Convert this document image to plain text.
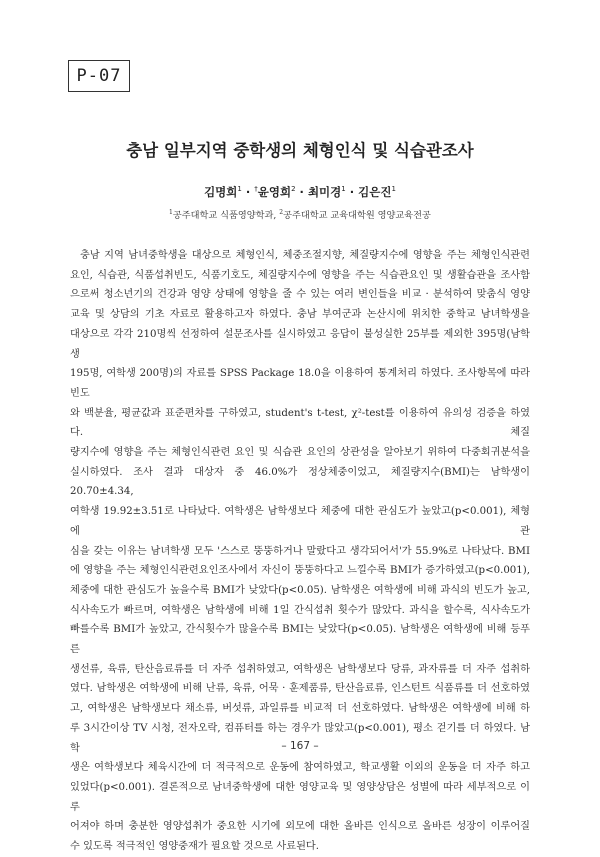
P-07
충남 일부지역 중학생의 체형인식 및 식습관조사
김명희$^1$ · †윤영희$^2$ · 최미경$^1$ · 김은진$^1$
$^1$공주대학교 식품영양학과, $^2$공주대학교 교육대학원 영양교육전공
충남 지역 남녀중학생을 대상으로 체형인식, 체중조절지향, 체질량지수에 영향을 주는 체형인식관련
요인, 식습관, 식품섭취빈도, 식품기호도, 체질량지수에 영향을 주는 식습관요인 및 생활습관을 조사함
으로써 청소년기의 건강과 영양 상태에 영향을 줄 수 있는 여러 변인들을 비교 · 분석하여 맞춤식 영양
교육 및 상담의 기초 자료로 활용하고자 하였다. 충남 부여군과 논산시에 위치한 중학교 남녀학생을
대상으로 각각 210명씩 선정하여 설문조사를 실시하였고 응답이 불성실한 25부를 제외한 395명(남학생
195명, 여학생 200명)의 자료를 SPSS Package 18.0을 이용하여 통계처리 하였다. 조사항목에 따라 빈도
와 백분율, 평균값과 표준편차를 구하였고, student's t-test, χ²-test를 이용하여 유의성 검증을 하였다. 체질
량지수에 영향을 주는 체형인식관련 요인 및 식습관 요인의 상관성을 알아보기 위하여 다중회귀분석을
실시하였다. 조사 결과 대상자 중 46.0%가 정상체중이었고, 체질량지수(BMI)는 남학생이 20.70±4.34,
여학생 19.92±3.51로 나타났다. 여학생은 남학생보다 체중에 대한 관심도가 높았고(p<0.001), 체형에 관
심을 갖는 이유는 남녀학생 모두 '스스로 뚱뚱하거나 말랐다고 생각되어서'가 55.9%로 나타났다. BMI
에 영향을 주는 체형인식관련요인조사에서 자신이 뚱뚱하다고 느낄수록 BMI가 증가하였고(p<0.001),
체중에 대한 관심도가 높을수록 BMI가 낮았다(p<0.05). 남학생은 여학생에 비해 과식의 빈도가 높고,
식사속도가 빠르며, 여학생은 남학생에 비해 1일 간식섭취 횟수가 많았다. 과식을 할수록, 식사속도가
빠를수록 BMI가 높았고, 간식횟수가 많을수록 BMI는 낮았다(p<0.05). 남학생은 여학생에 비해 등푸른
생선류, 육류, 탄산음료류를 더 자주 섭취하였고, 여학생은 남학생보다 당류, 과자류를 더 자주 섭취하
였다. 남학생은 여학생에 비해 난류, 육류, 어묵 · 훈제품류, 탄산음료류, 인스턴트 식품류를 더 선호하였
고, 여학생은 남학생보다 채소류, 버섯류, 과일류를 비교적 더 선호하였다. 남학생은 여학생에 비해 하
루 3시간이상 TV 시청, 전자오락, 컴퓨터를 하는 경우가 많았고(p<0.001), 평소 걷기를 더 하였다. 남학
생은 여학생보다 체육시간에 더 적극적으로 운동에 참여하였고, 학교생활 이외의 운동을 더 자주 하고
있었다(p<0.001). 결론적으로 남녀중학생에 대한 영양교육 및 영양상담은 성별에 따라 세부적으로 이루
어져야 하며 충분한 영양섭취가 중요한 시기에 외모에 대한 올바른 인식으로 올바른 성장이 이루어질
수 있도록 적극적인 영양중재가 필요할 것으로 사료된다.
– 167 –
